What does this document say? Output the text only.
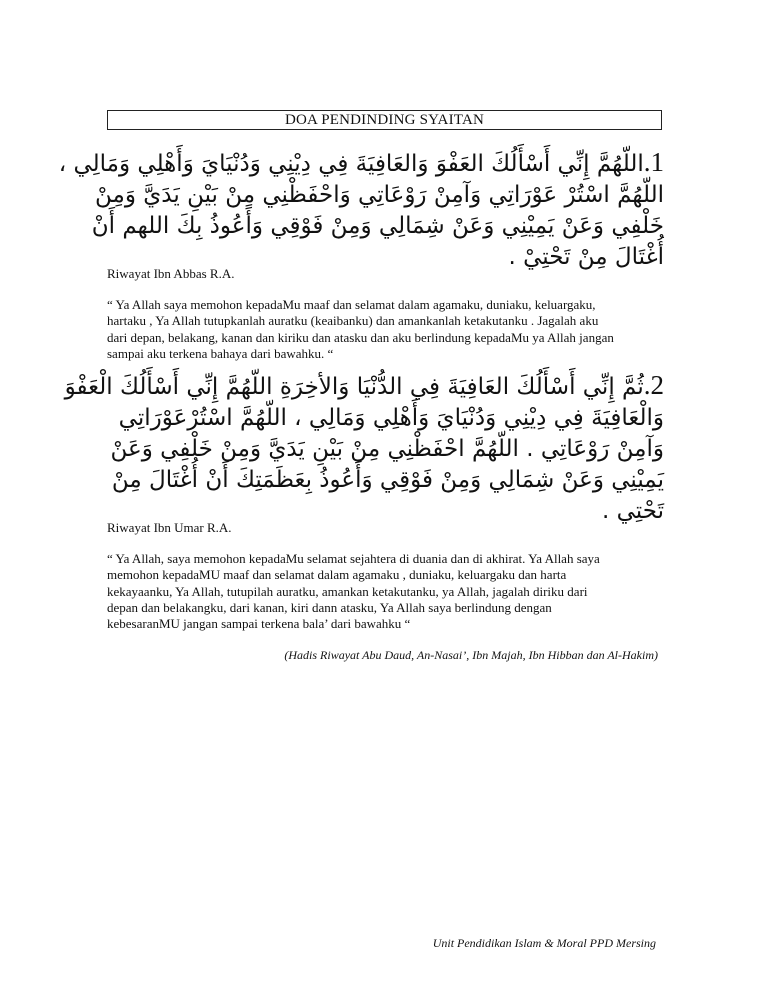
DOA PENDINDING SYAITAN
1.اللّهُمَّ إِنِّي أَسْأَلُكَ العَفْوَ وَالعَافِيَةَ فِي دِيْنِي وَدُنْيَايَ وَأَهْلِي وَمَالِي ،
اللّهُمَّ اسْتُرْ عَوْرَاتِي وَآمِنْ رَوْعَاتِي وَاحْفَظْنِي مِنْ بَيْنِ يَدَيَّ وَمِنْ
خَلْفِي وَعَنْ يَمِيْنِي وَعَنْ شِمَالِي وَمِنْ فَوْقِي وَأَعُوذُ بِكَ اللهم أَنْ
أُغْتَالَ مِنْ تَحْتِيْ .
Riwayat Ibn Abbas R.A.
“ Ya Allah saya memohon kepadaMu maaf dan selamat dalam agamaku, duniaku, keluargaku,
hartaku , Ya Allah tutupkanlah auratku (keaibanku) dan amankanlah ketakutanku . Jagalah aku
dari depan, belakang, kanan dan kiriku dan atasku dan aku berlindung kepadaMu ya Allah jangan
sampai aku terkena bahaya dari bawahku. “
2.ثُمَّ إِنِّي أَسْأَلُكَ العَافِيَةَ فِي الدُّنْيَا وَالأخِرَةِ اللّهُمَّ إِنِّي أَسْأَلُكَ الْعَفْوَ
وَالْعَافِيَةَ فِي دِيْنِي وَدُنْيَايَ وَأَهْلِي وَمَالِي ، اللّهُمَّ اسْتُرْعَوْرَاتِي
وَآمِنْ رَوْعَاتِي . اللّهُمَّ احْفَظْنِي مِنْ بَيْنِ يَدَيَّ وَمِنْ خَلْفِي وَعَنْ
يَمِيْنِي وَعَنْ شِمَالِي وَمِنْ فَوْقِي وَأَعُوذُ بِعَظَمَتِكَ أَنْ أُغْتَالَ مِنْ
تَحْتِي .
Riwayat Ibn Umar R.A.
“ Ya Allah, saya memohon kepadaMu selamat sejahtera di duania dan di akhirat. Ya Allah saya
memohon kepadaMU maaf dan selamat dalam agamaku , duniaku, keluargaku dan harta
kekayaanku, Ya Allah, tutupilah auratku, amankan ketakutanku, ya Allah, jagalah diriku dari
depan dan belakangku, dari kanan, kiri dann atasku, Ya Allah saya berlindung dengan
kebesaranMU jangan sampai terkena bala’ dari bawahku “
(Hadis Riwayat Abu Daud, An-Nasai’, Ibn Majah, Ibn Hibban dan Al-Hakim)
Unit Pendidikan Islam & Moral PPD Mersing
